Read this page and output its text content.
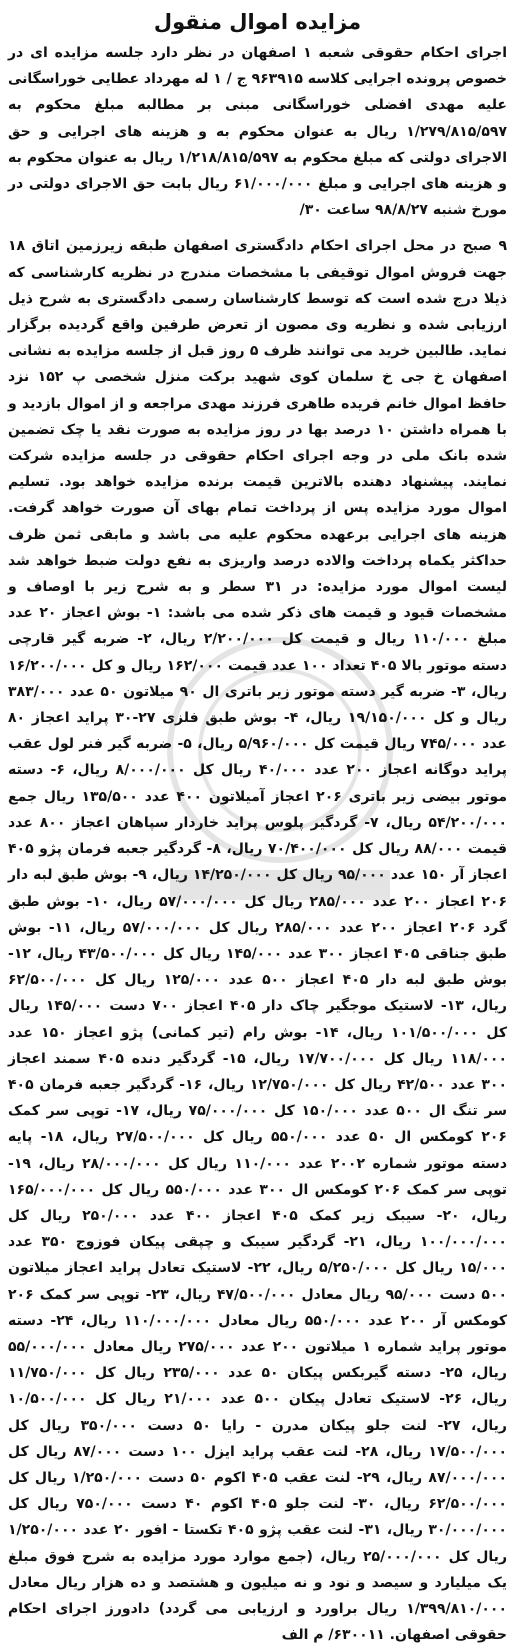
مزایده اموال منقول

اجرای احکام حقوقی شعبه ۱ اصفهان در نظر دارد جلسه مزایده ای در خصوص پرونده اجرایی کلاسه ۹۶۳۹۱۵ ج / ۱ له مهرداد عطایی خوراسگانی علیه مهدی افضلی خوراسگانی مبنی بر مطالبه مبلغ محکوم به ۱/۲۷۹/۸۱۵/۵۹۷ ریال به عنوان محکوم به و هزینه های اجرایی و حق الاجرای دولتی که مبلغ محکوم به ۱/۲۱۸/۸۱۵/۵۹۷ ریال به عنوان محکوم به و هزینه های اجرایی و مبلغ ۶۱/۰۰۰/۰۰۰ ریال بابت حق الاجرای دولتی در مورخ شنبه ۹۸/۸/۲۷ ساعت ۳۰/

۹ صبح در محل اجرای احکام دادگستری اصفهان طبقه زیرزمین اتاق ۱۸ جهت فروش اموال توقیفی با مشخصات مندرج در نظریه کارشناسی که ذیلا درج شده است که توسط کارشناسان رسمی دادگستری به شرح ذیل ارزیابی شده و نظریه وی مصون از تعرض طرفین واقع گردیده برگزار نماید. طالبین خرید می توانند ظرف ۵ روز قبل از جلسه مزایده به نشانی اصفهان خ جی خ سلمان کوی شهید برکت منزل شخصی پ ۱۵۲ نزد حافظ اموال خانم فریده طاهری فرزند مهدی مراجعه و از اموال بازدید و با همراه داشتن ۱۰ درصد بها در روز مزایده به صورت نقد یا چک تضمین شده بانک ملی در وجه اجرای احکام حقوقی در جلسه مزایده شرکت نمایند. پیشنهاد دهنده بالاترین قیمت برنده مزایده خواهد بود. تسلیم اموال مورد مزایده پس از پرداخت تمام بهای آن صورت خواهد گرفت. هزینه های اجرایی برعهده محکوم علیه می باشد و مابقی ثمن ظرف حداکثر یکماه پرداخت والاده درصد واریزی به نفع دولت ضبط خواهد شد لیست اموال مورد مزایده: در ۳۱ سطر و به شرح زیر با اوصاف و مشخصات قیود و قیمت های ذکر شده می باشد: ۱- بوش اعجاز ۲۰ عدد مبلغ ۱۱۰/۰۰۰ ریال و قیمت کل ۲/۲۰۰/۰۰۰ ریال، ۲- ضربه گیر قارچی دسته موتور بالا ۴۰۵ تعداد ۱۰۰ عدد قیمت ۱۶۲/۰۰۰ ریال و کل ۱۶/۲۰۰/۰۰۰ ریال، ۳- ضربه گیر دسته موتور زیر باتری ال ۹۰ میلاتون ۵۰ عدد ۳۸۳/۰۰۰ ریال و کل ۱۹/۱۵۰/۰۰۰ ریال، ۴- بوش طبق فلزی ۲۷-۳۰ پراید اعجاز ۸۰ عدد ۷۴۵/۰۰۰ ریال قیمت کل ۵/۹۶۰/۰۰۰ ریال، ۵- ضربه گیر فنر لول عقب پراید دوگانه اعجاز ۲۰۰ عدد ۴۰/۰۰۰ ریال کل ۸/۰۰۰/۰۰۰ ریال، ۶- دسته موتور بیضی زیر باتری ۲۰۶ اعجاز آمیلاتون ۴۰۰ عدد ۱۳۵/۵۰۰ ریال جمع ۵۴/۲۰۰/۰۰۰ ریال، ۷- گردگیر پلوس پراید خاردار سپاهان اعجاز ۸۰۰ عدد قیمت ۸۸/۰۰۰ ریال کل ۷۰/۴۰۰/۰۰۰ ریال، ۸- گردگیر جعبه فرمان پژو ۴۰۵ اعجاز آر ۱۵۰ عدد ۹۵/۰۰۰ ریال کل ۱۴/۲۵۰/۰۰۰ ریال، ۹- بوش طبق لبه دار ۲۰۶ اعجاز ۲۰۰ عدد ۲۸۵/۰۰۰ ریال کل ۵۷/۰۰۰/۰۰۰ ریال، ۱۰- بوش طبق گرد ۲۰۶ اعجاز ۲۰۰ عدد ۲۸۵/۰۰۰ ریال کل ۵۷/۰۰۰/۰۰۰ ریال، ۱۱- بوش طبق جناقی ۴۰۵ اعجاز ۳۰۰ عدد ۱۴۵/۰۰۰ ریال کل ۴۳/۵۰۰/۰۰۰ ریال، ۱۲- بوش طبق لبه دار ۴۰۵ اعجاز ۵۰۰ عدد ۱۲۵/۰۰۰ ریال کل ۶۲/۵۰۰/۰۰۰ ریال، ۱۳- لاستیک موجگیر چاک دار ۴۰۵ اعجاز ۷۰۰ دست ۱۴۵/۰۰۰ ریال کل ۱۰۱/۵۰۰/۰۰۰ ریال، ۱۴- بوش رام (تیر کمانی) پژو اعجاز ۱۵۰ عدد ۱۱۸/۰۰۰ ریال کل ۱۷/۷۰۰/۰۰۰ ریال، ۱۵- گردگیر دنده ۴۰۵ سمند اعجاز ۳۰۰ عدد ۴۲/۵۰۰ ریال کل ۱۲/۷۵۰/۰۰۰ ریال، ۱۶- گردگیر جعبه فرمان ۴۰۵ سر تنگ ال ۵۰۰ عدد ۱۵۰/۰۰۰ کل ۷۵/۰۰۰/۰۰۰ ریال، ۱۷- توپی سر کمک ۲۰۶ کومکس ال ۵۰ عدد ۵۵۰/۰۰۰ ریال کل ۲۷/۵۰۰/۰۰۰ ریال، ۱۸- پایه دسته موتور شماره ۲۰۰۲ عدد ۱۱۰/۰۰۰ ریال کل ۲۸/۰۰۰/۰۰۰ ریال، ۱۹- توپی سر کمک ۲۰۶ کومکس ال ۳۰۰ عدد ۵۵۰/۰۰۰ ریال کل ۱۶۵/۰۰۰/۰۰۰ ریال، ۲۰- سیبک زیر کمک ۴۰۵ اعجاز ۴۰۰ عدد ۲۵۰/۰۰۰ ریال کل ۱۰۰/۰۰۰/۰۰۰ ریال، ۲۱- گردگیر سیبک و چپقی پیکان فوزوج ۳۵۰ عدد ۱۵/۰۰۰ ریال کل ۵/۲۵۰/۰۰۰ ریال، ۲۲- لاستیک تعادل پراید اعجاز میلاتون ۵۰۰ دست ۹۵/۰۰۰ ریال معادل ۴۷/۵۰۰/۰۰۰ ریال، ۲۳- توپی سر کمک ۲۰۶ کومکس آر ۲۰۰ عدد ۵۵۰/۰۰۰ ریال معادل ۱۱۰/۰۰۰/۰۰۰ ریال، ۲۴- دسته موتور پراید شماره ۱ میلاتون ۲۰۰ عدد ۲۷۵/۰۰۰ ریال معادل ۵۵/۰۰۰/۰۰۰ ریال، ۲۵- دسته گیربکس پیکان ۵۰ عدد ۲۳۵/۰۰۰ ریال کل ۱۱/۷۵۰/۰۰۰ ریال، ۲۶- لاستیک تعادل پیکان ۵۰۰ عدد ۲۱/۰۰۰ ریال کل ۱۰/۵۰۰/۰۰۰ ریال، ۲۷- لنت جلو پیکان مدرن - رایا ۵۰ دست ۳۵۰/۰۰۰ ریال کل ۱۷/۵۰۰/۰۰۰ ریال، ۲۸- لنت عقب پراید ایزل ۱۰۰ دست ۸۷/۰۰۰ ریال کل ۸۷/۰۰۰/۰۰۰ ریال، ۲۹- لنت عقب ۴۰۵ اکوم ۵۰ دست ۱/۲۵۰/۰۰۰ ریال کل ۶۲/۵۰۰/۰۰۰ ریال، ۳۰- لنت جلو ۴۰۵ اکوم ۴۰ دست ۷۵۰/۰۰۰ ریال کل ۳۰/۰۰۰/۰۰۰ ریال، ۳۱- لنت عقب پژو ۴۰۵ تکستا - افور ۲۰ عدد ۱/۲۵۰/۰۰۰ ریال کل ۲۵/۰۰۰/۰۰۰ ریال، (جمع موارد مورد مزایده به شرح فوق مبلغ یک میلیارد و سیصد و نود و نه میلیون و هشتصد و ده هزار ریال معادل ۱/۳۹۹/۸۱۰/۰۰۰ ریال براورد و ارزیابی می گردد) دادورز اجرای احکام حقوقی اصفهان. ۶۳۰۰۱۱/ م الف
